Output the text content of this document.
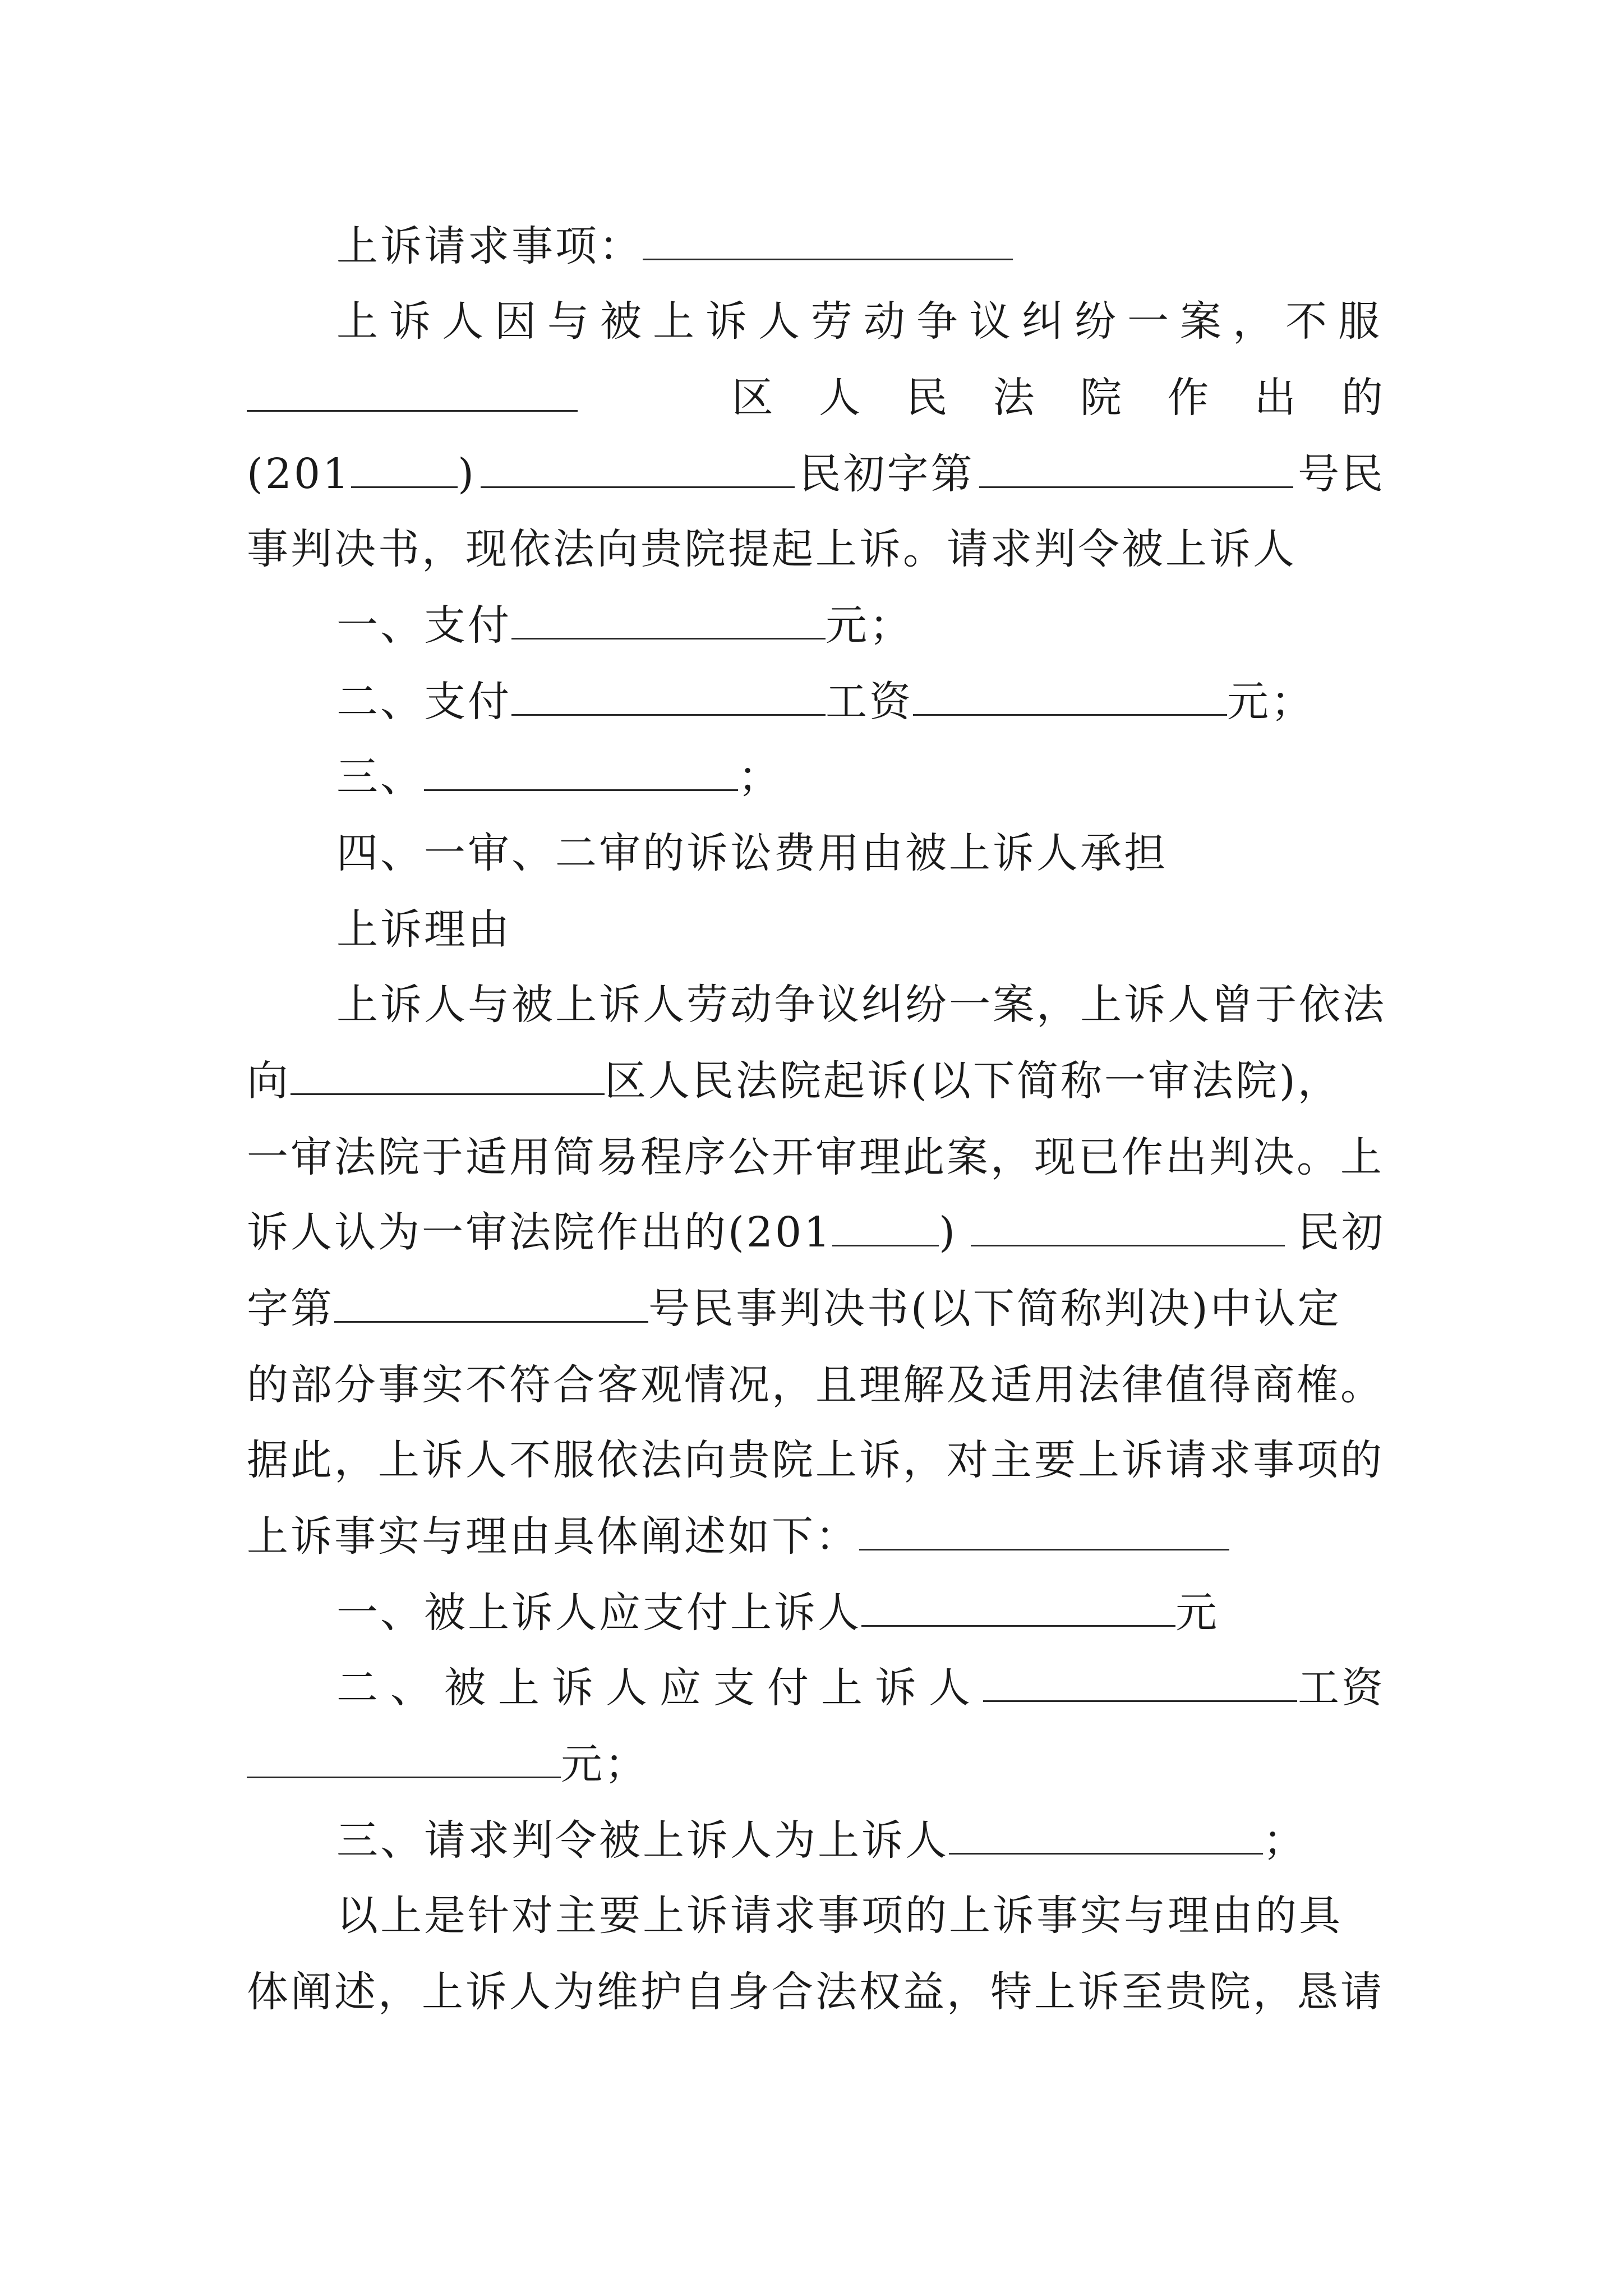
上诉请求事项：
上诉人因与被上诉人劳动争议纠纷一案，不服
区 人 民 法 院 作 出 的
(201	)	民初字第	号民
事判决书，现依法向贵院提起上诉。请求判令被上诉人
一、支付	元；
二、支付	工资	元；
三、	；
四、一审、二审的诉讼费用由被上诉人承担
上诉理由
上诉人与被上诉人劳动争议纠纷一案，上诉人曾于依法
向	区人民法院起诉(以下简称一审法院)，
一审法院于适用简易程序公开审理此案，现已作出判决。上
诉人认为一审法院作出的(201	)	民初
字第	号民事判决书(以下简称判决)中认定
的部分事实不符合客观情况，且理解及适用法律值得商榷。
据此，上诉人不服依法向贵院上诉，对主要上诉请求事项的
上诉事实与理由具体阐述如下：
一、被上诉人应支付上诉人	元
二、被上诉人应支付上诉人	工资
元；
三、请求判令被上诉人为上诉人	；
以上是针对主要上诉请求事项的上诉事实与理由的具
体阐述，上诉人为维护自身合法权益，特上诉至贵院，恳请
